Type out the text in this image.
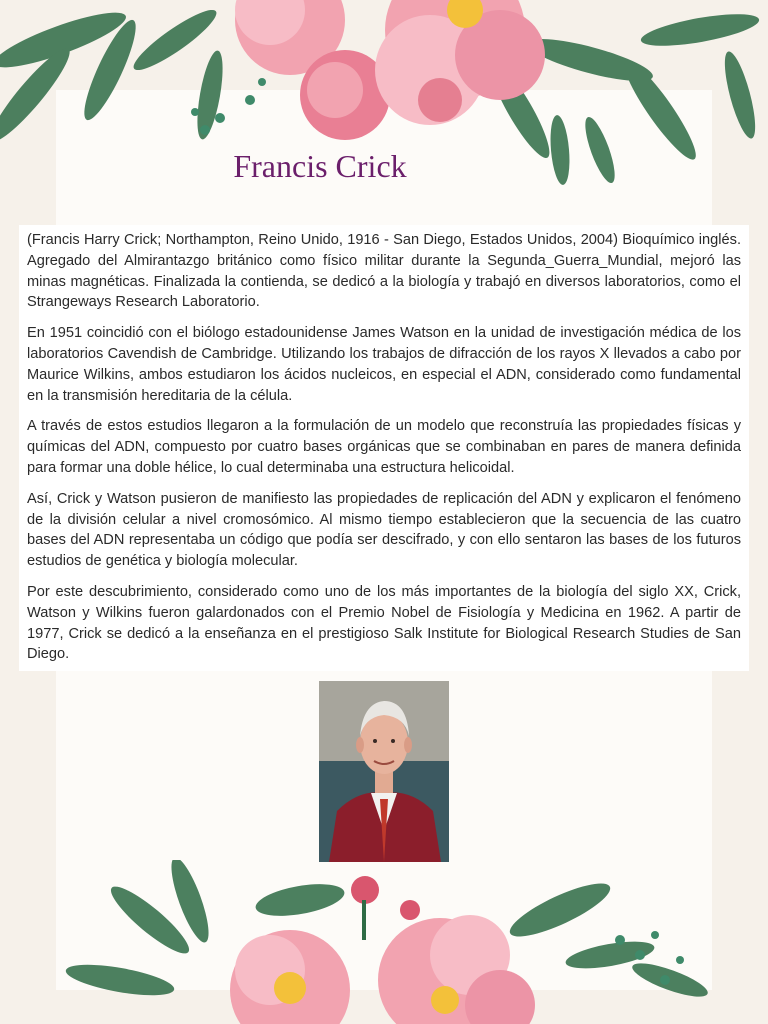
Francis Crick

(Francis Harry Crick; Northampton, Reino Unido, 1916 - San Diego, Estados Unidos, 2004) Bioquímico inglés. Agregado del Almirantazgo británico como físico militar durante la Segunda_Guerra_Mundial, mejoró las minas magnéticas. Finalizada la contienda, se dedicó a la biología y trabajó en diversos laboratorios, como el Strangeways Research Laboratorio.

En 1951 coincidió con el biólogo estadounidense James Watson en la unidad de investigación médica de los laboratorios Cavendish de Cambridge. Utilizando los trabajos de difracción de los rayos X llevados a cabo por Maurice Wilkins, ambos estudiaron los ácidos nucleicos, en especial el ADN, considerado como fundamental en la transmisión hereditaria de la célula.

A través de estos estudios llegaron a la formulación de un modelo que reconstruía las propiedades físicas y químicas del ADN, compuesto por cuatro bases orgánicas que se combinaban en pares de manera definida para formar una doble hélice, lo cual determinaba una estructura helicoidal.

Así, Crick y Watson pusieron de manifiesto las propiedades de replicación del ADN y explicaron el fenómeno de la división celular a nivel cromosómico. Al mismo tiempo establecieron que la secuencia de las cuatro bases del ADN representaba un código que podía ser descifrado, y con ello sentaron las bases de los futuros estudios de genética y biología molecular.

Por este descubrimiento, considerado como uno de los más importantes de la biología del siglo XX, Crick, Watson y Wilkins fueron galardonados con el Premio Nobel de Fisiología y Medicina en 1962. A partir de 1977, Crick se dedicó a la enseñanza en el prestigioso Salk Institute for Biological Research Studies de San Diego.
